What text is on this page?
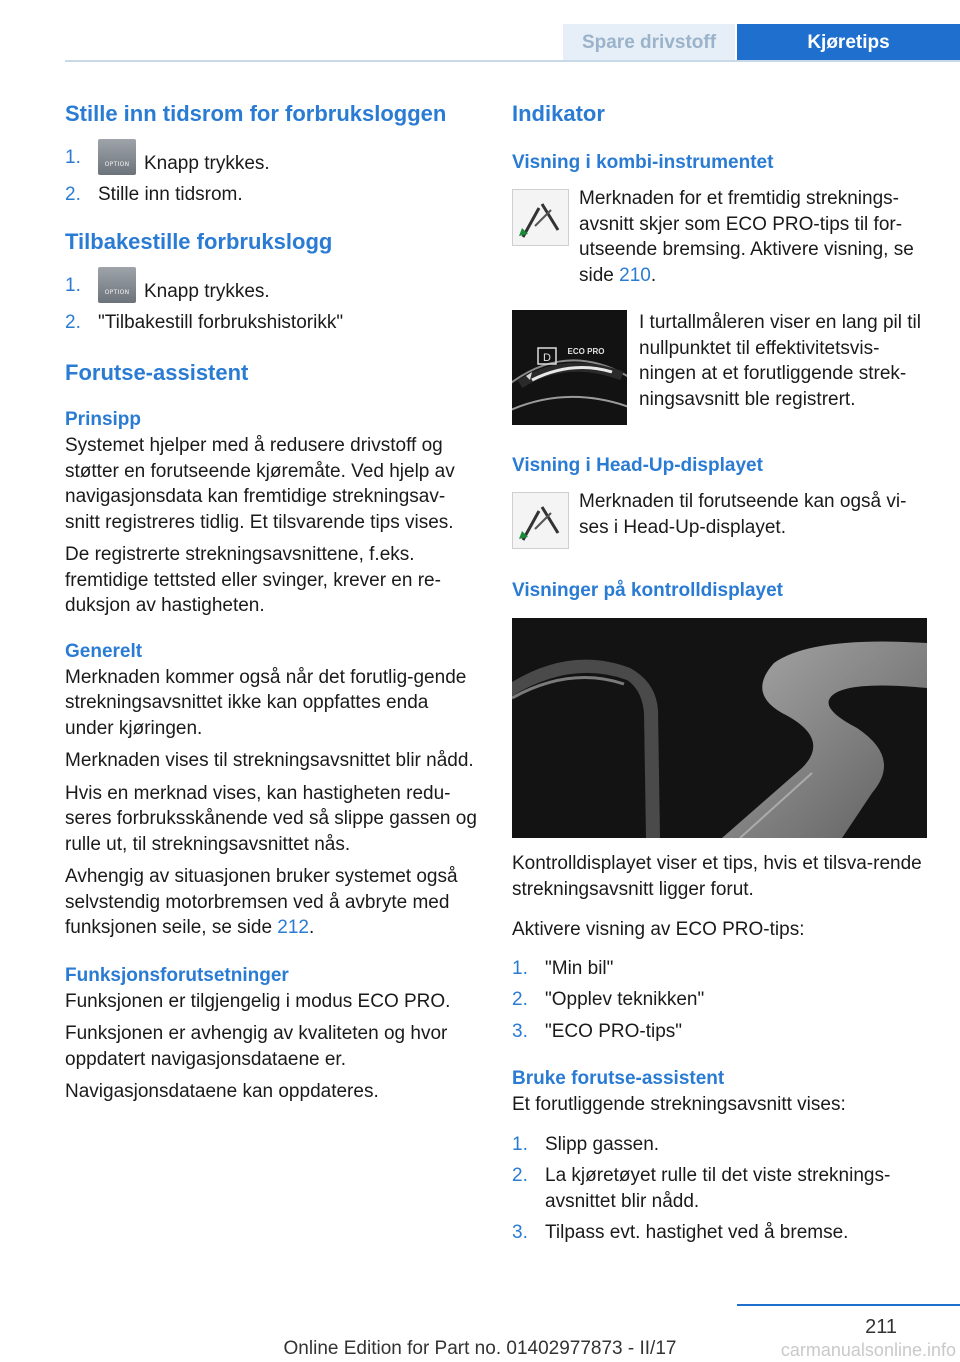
Spare drivstoff	Kjøretips
Stille inn tidsrom for forbruksloggen
1.	OPTION Knapp trykkes.
2. Stille inn tidsrom.
Tilbakestille forbrukslogg
1.	OPTION Knapp trykkes.
2. "Tilbakestill forbrukshistorikk"
Forutse-assistent
Prinsipp

Systemet hjelper med å redusere drivstoff og støtter en forutseende kjøremåte. Ved hjelp av navigasjonsdata kan fremtidige strekningsav-snitt registreres tidlig. Et tilsvarende tips vises.

De registrerte strekningsavsnittene, f.eks. fremtidige tettsted eller svinger, krever en re-duksjon av hastigheten.

Generelt

Merknaden kommer også når det forutlig-gende strekningsavsnittet ikke kan oppfattes enda under kjøringen.

Merknaden vises til strekningsavsnittet blir nådd.

Hvis en merknad vises, kan hastigheten redu-seres forbruksskånende ved så slippe gassen og rulle ut, til strekningsavsnittet nås.

Avhengig av situasjonen bruker systemet også selvstendig motorbremsen ved å avbryte med funksjonen seile, se side 212.

Funksjonsforutsetninger

Funksjonen er tilgjengelig i modus ECO PRO.

Funksjonen er avhengig av kvaliteten og hvor oppdatert navigasjonsdataene er.

Navigasjonsdataene kan oppdateres.

Indikator
Visning i kombi-instrumentet

Merknaden for et fremtidig streknings-avsnitt skjer som ECO PRO-tips til for-utseende bremsing. Aktivere visning, se side 210.

D
ECO PRO

I turtallmåleren viser en lang pil til nullpunktet til effektivitetsvis-ningen at et forutliggende strek-ningsavsnitt ble registrert.

Visning i Head-Up-displayet

Merknaden til forutseende kan også vi-ses i Head-Up-displayet.

Visninger på kontrolldisplayet

Kontrolldisplayet viser et tips, hvis et tilsva-rende strekningsavsnitt ligger forut.

Aktivere visning av ECO PRO-tips:

1. "Min bil"
2. "Opplev teknikken"
3. "ECO PRO-tips"
Bruke forutse-assistent

Et forutliggende strekningsavsnitt vises:

1. Slipp gassen.
2. La kjøretøyet rulle til det viste streknings-avsnittet blir nådd.
3. Tilpass evt. hastighet ved å bremse.
211
Online Edition for Part no. 01402977873 - II/17	carmanualsonline.info
